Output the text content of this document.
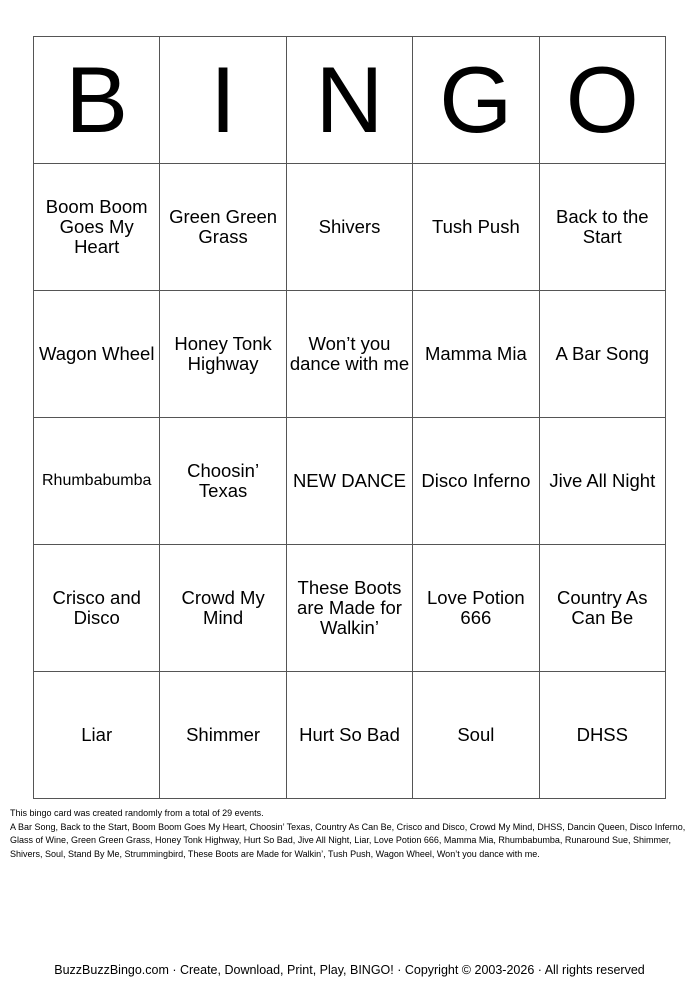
B	I	N	G	O
Boom Boom Goes My Heart	Green Green Grass	Shivers	Tush Push	Back to the Start
Wagon Wheel	Honey Tonk Highway	Won’t you dance with me	Mamma Mia	A Bar Song
Rhumbabumba	Choosin’ Texas	NEW DANCE	Disco Inferno	Jive All Night
Crisco and Disco	Crowd My Mind	These Boots are Made for Walkin’	Love Potion 666	Country As Can Be
Liar	Shimmer	Hurt So Bad	Soul	DHSS

This bingo card was created randomly from a total of 29 events.

A Bar Song, Back to the Start, Boom Boom Goes My Heart, Choosin’ Texas, Country As Can Be, Crisco and Disco, Crowd My Mind, DHSS, Dancin Queen, Disco Inferno, Glass of Wine, Green Green Grass, Honey Tonk Highway, Hurt So Bad, Jive All Night, Liar, Love Potion 666, Mamma Mia, Rhumbabumba, Runaround Sue, Shimmer, Shivers, Soul, Stand By Me, Strummingbird, These Boots are Made for Walkin’, Tush Push, Wagon Wheel, Won’t you dance with me.

BuzzBuzzBingo.com · Create, Download, Print, Play, BINGO! · Copyright © 2003-2026 · All rights reserved
